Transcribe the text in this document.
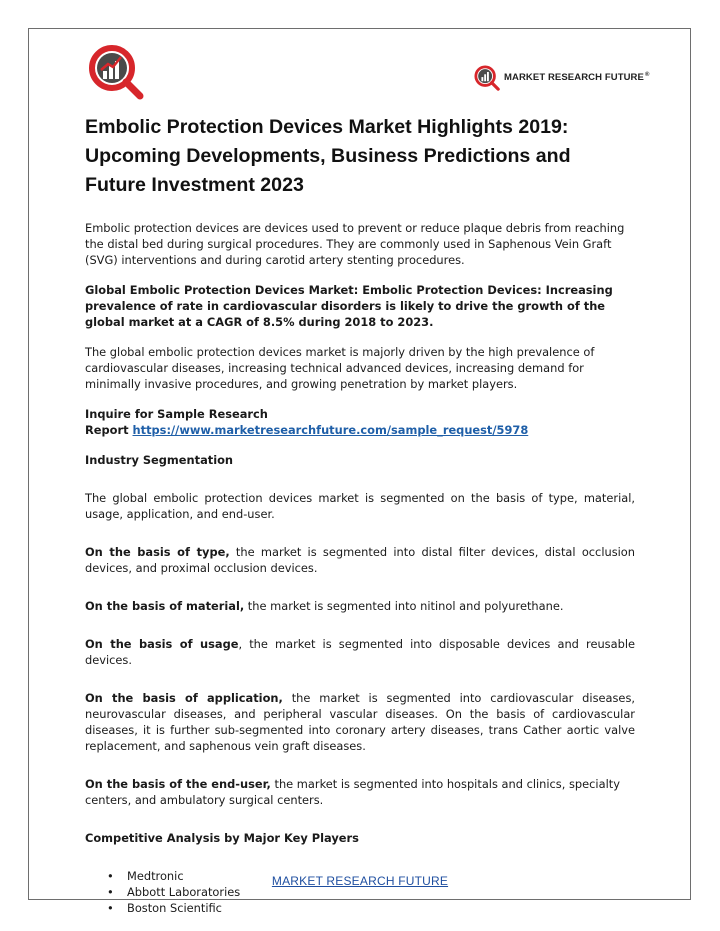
MARKET RESEARCH FUTURE®
Embolic Protection Devices Market Highlights 2019: Upcoming Developments, Business Predictions and Future Investment 2023

Embolic protection devices are devices used to prevent or reduce plaque debris from reaching the distal bed during surgical procedures. They are commonly used in Saphenous Vein Graft (SVG) interventions and during carotid artery stenting procedures.

Global Embolic Protection Devices Market: Embolic Protection Devices: Increasing prevalence of rate in cardiovascular disorders is likely to drive the growth of the global market at a CAGR of 8.5% during 2018 to 2023.

The global embolic protection devices market is majorly driven by the high prevalence of cardiovascular diseases, increasing technical advanced devices, increasing demand for minimally invasive procedures, and growing penetration by market players.

Inquire for Sample Research
Report https://www.marketresearchfuture.com/sample_request/5978

Industry Segmentation

The global embolic protection devices market is segmented on the basis of type, material, usage, application, and end-user.

On the basis of type, the market is segmented into distal filter devices, distal occlusion devices, and proximal occlusion devices.

On the basis of material, the market is segmented into nitinol and polyurethane.

On the basis of usage, the market is segmented into disposable devices and reusable devices.

On the basis of application, the market is segmented into cardiovascular diseases, neurovascular diseases, and peripheral vascular diseases. On the basis of cardiovascular diseases, it is further sub-segmented into coronary artery diseases, trans Cather aortic valve replacement, and saphenous vein graft diseases.

On the basis of the end-user, the market is segmented into hospitals and clinics, specialty centers, and ambulatory surgical centers.

Competitive Analysis by Major Key Players

• Medtronic
• Abbott Laboratories
• Boston Scientific
MARKET RESEARCH FUTURE
